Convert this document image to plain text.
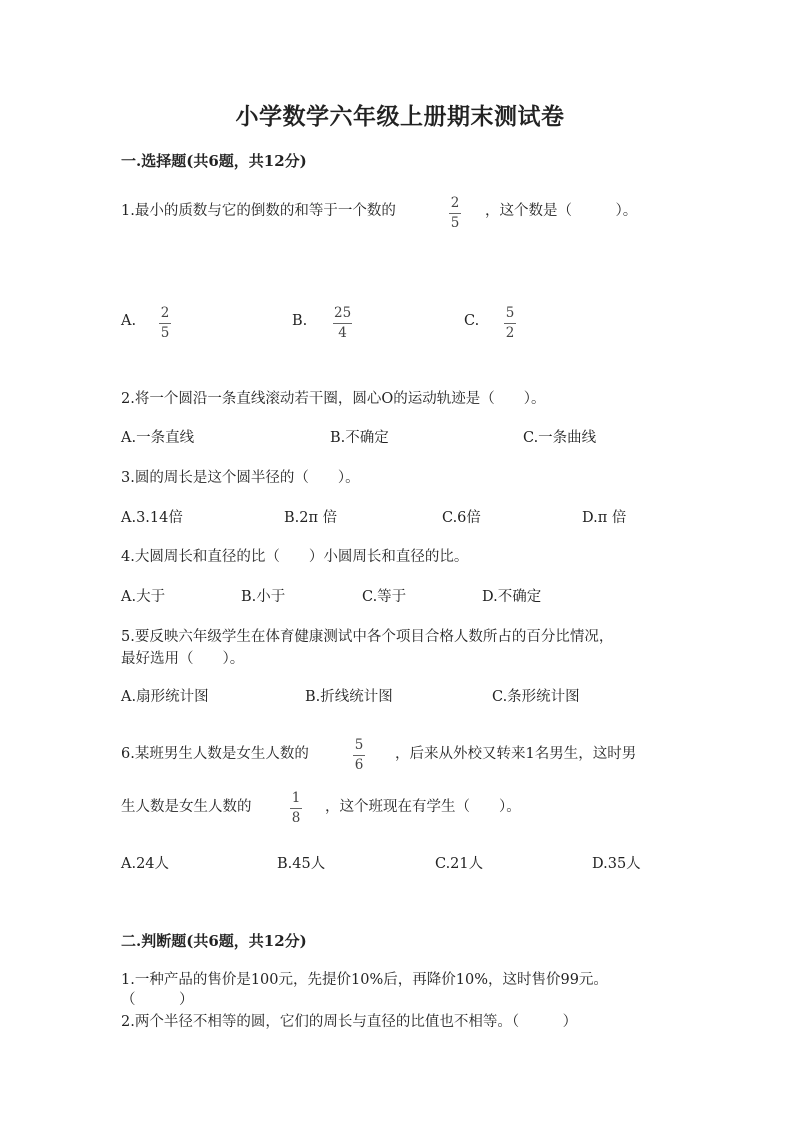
小学数学六年级上册期末测试卷
一.选择题(共6题，共12分)
1.最小的质数与它的倒数的和等于一个数的	2
5
，这个数是（　　　）。
A. 2
5
B. 25
4
C. 5
2
2.将一个圆沿一条直线滚动若干圈，圆心O的运动轨迹是（　　）。
A.一条直线	B.不确定	C.一条曲线
3.圆的周长是这个圆半径的（　　）。
A.3.14倍	B.2π 倍	C.6倍	D.π 倍
4.大圆周长和直径的比（　　）小圆周长和直径的比。
A.大于	B.小于	C.等于	D.不确定
5.要反映六年级学生在体育健康测试中各个项目合格人数所占的百分比情况，
最好选用（　　）。
A.扇形统计图	B.折线统计图	C.条形统计图
6.某班男生人数是女生人数的
5
6
，后来从外校又转来1名男生，这时男
生人数是女生人数的
1
8
，这个班现在有学生（　　）。
A.24人	B.45人	C.21人	D.35人
二.判断题(共6题，共12分)
1.一种产品的售价是100元，先提价10%后，再降价10%，这时售价99元。
（　　　）
2.两个半径不相等的圆，它们的周长与直径的比值也不相等。（　　　）
